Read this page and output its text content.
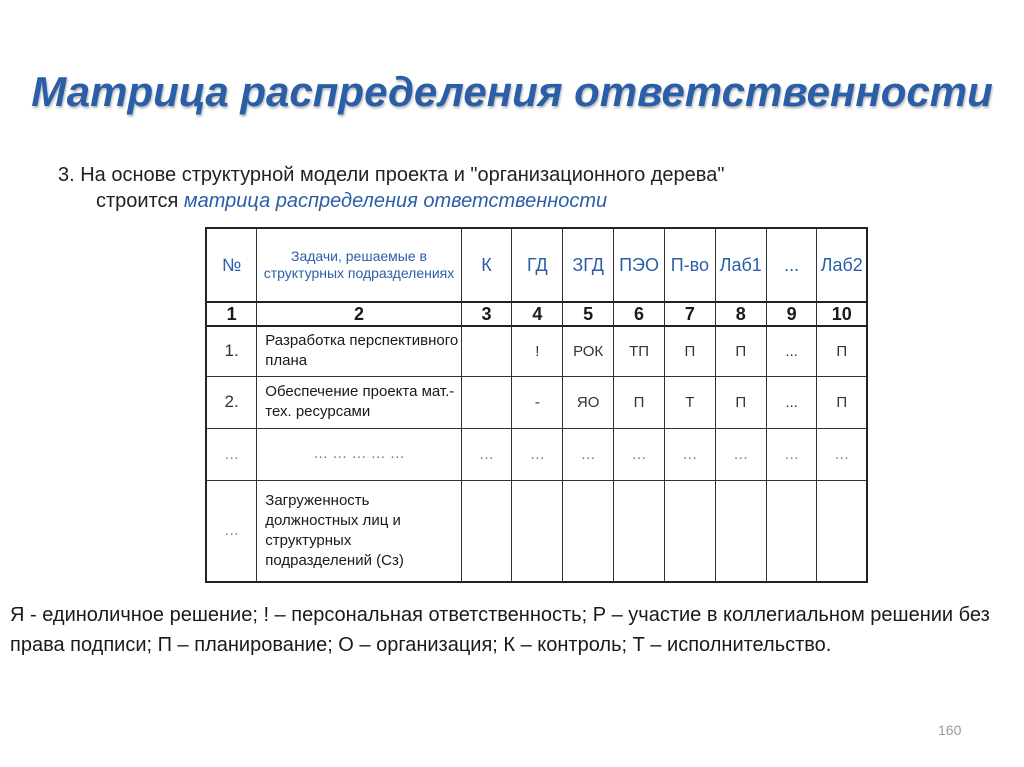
Матрица распределения ответственности
3. На основе структурной модели проекта и "организационного дерева"
строится матрица распределения ответственности
№	Задачи, решаемые в структурных подразделениях	К	ГД	ЗГД	ПЭО	П-во	Лаб1	...	Лаб2
1	2	3	4	5	6	7	8	9	10
1.	Разработка перспективного плана		!	РОК	ТП	П	П	...	П
2.	Обеспечение проекта мат.-тех. ресурсами		-	ЯО	П	Т	П	...	П
…	… … … … …	…	…	…	…	…	…	…	…
…	Загруженность должностных лиц и структурных подразделений (Сз)								
Я - единоличное решение; ! – персональная ответственность; Р – участие в коллегиальном решении без права подписи; П – планирование; О – организация; К – контроль; Т – исполнительство.
160
